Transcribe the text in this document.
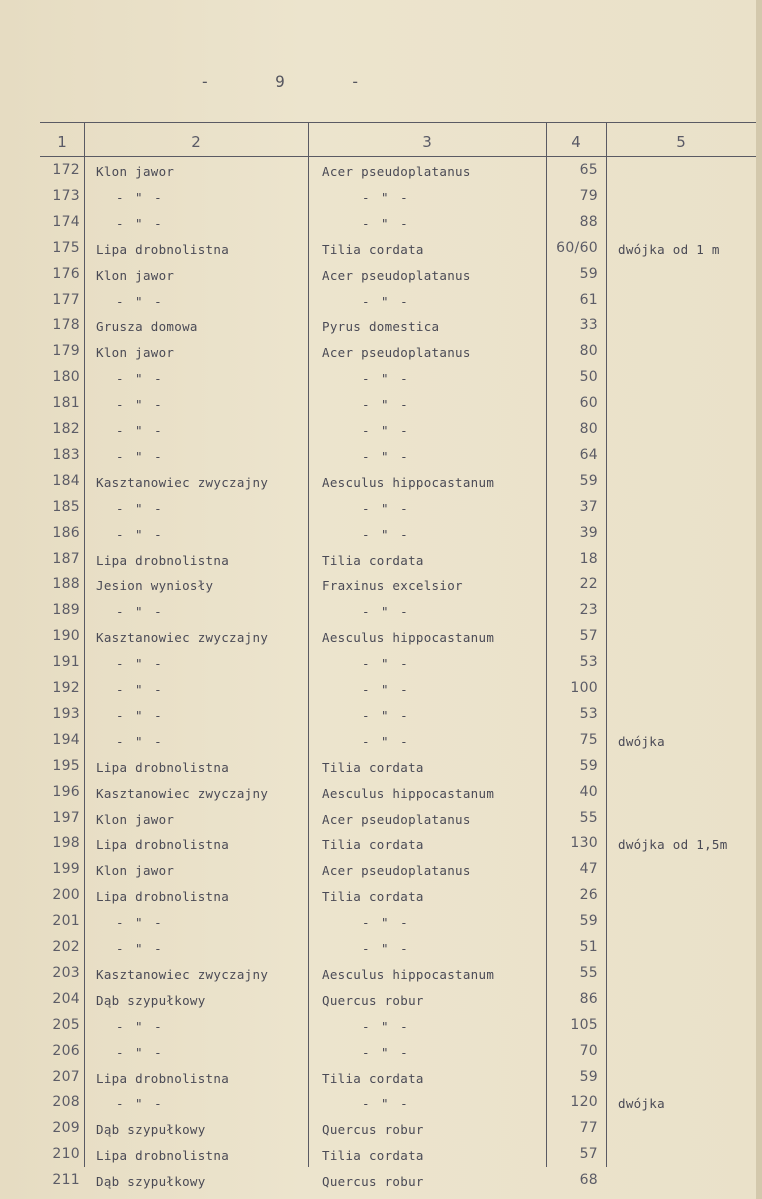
-	9	-
1	2	3	4	5
172 Klon jawor	Acer pseudoplatanus	65
173	- " -	- " -	79
174	- " -	- " -	88
175 Lipa drobnolistna	Tilia cordata	60/60 dwójka od 1 m
176 Klon jawor	Acer pseudoplatanus	59
177	- " -	- " -	61
178 Grusza domowa	Pyrus domestica	33
179 Klon jawor	Acer pseudoplatanus	80
180	- " -	- " -	50
181	- " -	- " -	60
182	- " -	- " -	80
183	- " -	- " -	64
184 Kasztanowiec zwyczajny	Aesculus hippocastanum	59
185	- " -	- " -	37
186	- " -	- " -	39
187 Lipa drobnolistna	Tilia cordata	18
188 Jesion wyniosły	Fraxinus excelsior	22
189	- " -	- " -	23
190 Kasztanowiec zwyczajny	Aesculus hippocastanum	57
191	- " -	- " -	53
192	- " -	- " -	100
193	- " -	- " -	53
194	- " -	- " -	75 dwójka
195 Lipa drobnolistna	Tilia cordata	59
196 Kasztanowiec zwyczajny	Aesculus hippocastanum	40
197 Klon jawor	Acer pseudoplatanus	55
198 Lipa drobnolistna	Tilia cordata	130 dwójka od 1,5m
199 Klon jawor	Acer pseudoplatanus	47
200 Lipa drobnolistna	Tilia cordata	26
201	- " -	- " -	59
202	- " -	- " -	51
203 Kasztanowiec zwyczajny	Aesculus hippocastanum	55
204 Dąb szypułkowy	Quercus robur	86
205	- " -	- " -	105
206	- " -	- " -	70
207 Lipa drobnolistna	Tilia cordata	59
208	- " -	- " -	120 dwójka
209 Dąb szypułkowy	Quercus robur	77
210 Lipa drobnolistna	Tilia cordata	57
211 Dąb szypułkowy	Quercus robur	68
